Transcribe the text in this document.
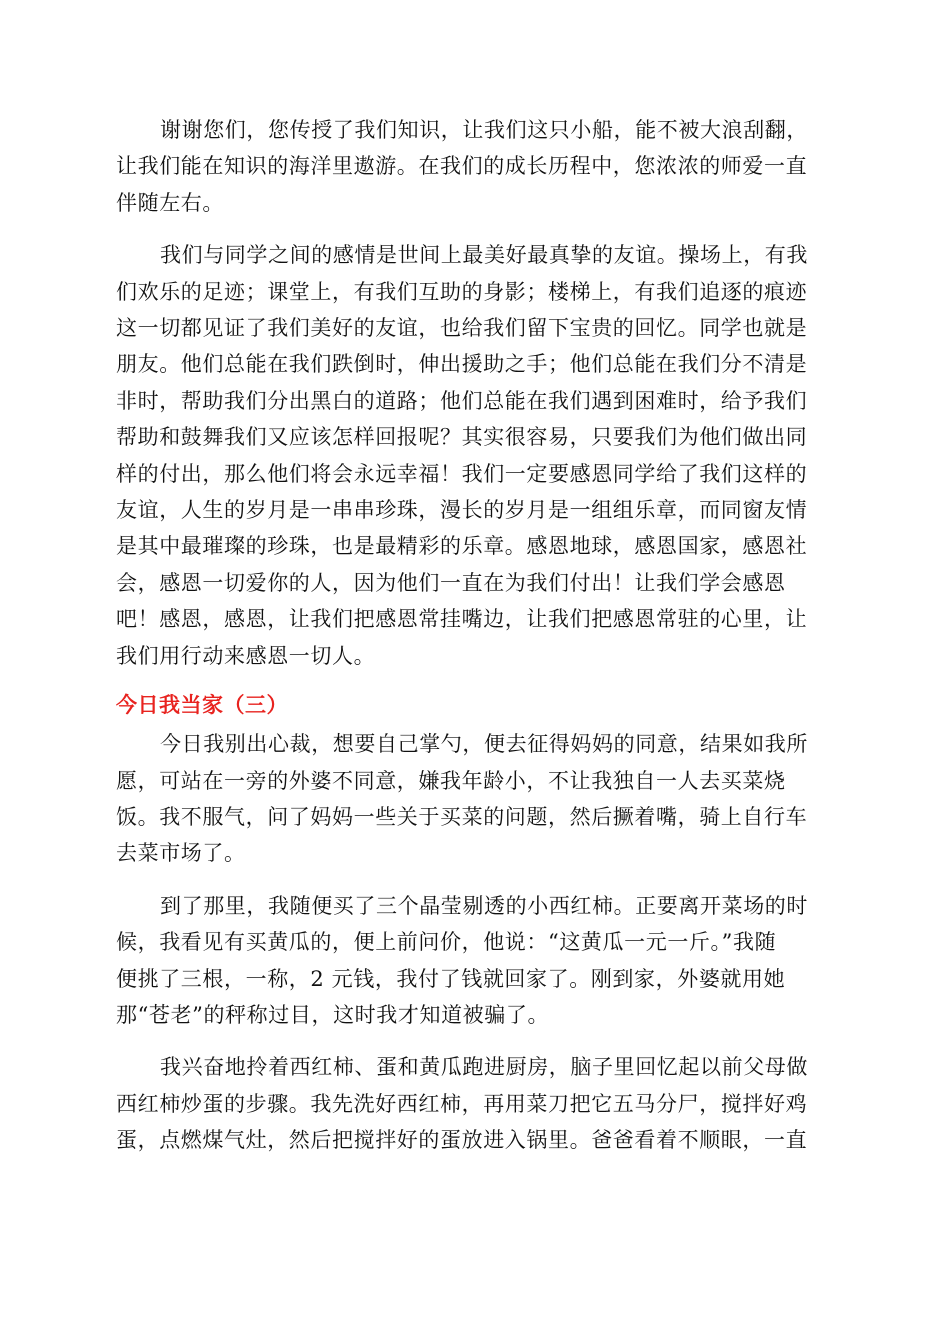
谢谢您们，您传授了我们知识，让我们这只小船，能不被大浪刮翻，
让我们能在知识的海洋里遨游。在我们的成长历程中，您浓浓的师爱一直
伴随左右。
我们与同学之间的感情是世间上最美好最真挚的友谊。操场上，有我
们欢乐的足迹；课堂上，有我们互助的身影；楼梯上，有我们追逐的痕迹
这一切都见证了我们美好的友谊，也给我们留下宝贵的回忆。同学也就是
朋友。他们总能在我们跌倒时，伸出援助之手；他们总能在我们分不清是
非时，帮助我们分出黑白的道路；他们总能在我们遇到困难时，给予我们
帮助和鼓舞我们又应该怎样回报呢？其实很容易，只要我们为他们做出同
样的付出，那么他们将会永远幸福！我们一定要感恩同学给了我们这样的
友谊，人生的岁月是一串串珍珠，漫长的岁月是一组组乐章，而同窗友情
是其中最璀璨的珍珠，也是最精彩的乐章。感恩地球，感恩国家，感恩社
会，感恩一切爱你的人，因为他们一直在为我们付出！让我们学会感恩
吧！感恩，感恩，让我们把感恩常挂嘴边，让我们把感恩常驻的心里，让
我们用行动来感恩一切人。
今日我当家（三）
今日我别出心裁，想要自己掌勺，便去征得妈妈的同意，结果如我所
愿，可站在一旁的外婆不同意，嫌我年龄小，不让我独自一人去买菜烧
饭。我不服气，问了妈妈一些关于买菜的问题，然后撅着嘴，骑上自行车
去菜市场了。
到了那里，我随便买了三个晶莹剔透的小西红柿。正要离开菜场的时
候，我看见有买黄瓜的，便上前问价，他说：“这黄瓜一元一斤。”我随
便挑了三根，一称，2 元钱，我付了钱就回家了。刚到家，外婆就用她
那“苍老”的秤称过目，这时我才知道被骗了。
我兴奋地拎着西红柿、蛋和黄瓜跑进厨房，脑子里回忆起以前父母做
西红柿炒蛋的步骤。我先洗好西红柿，再用菜刀把它五马分尸，搅拌好鸡
蛋，点燃煤气灶，然后把搅拌好的蛋放进入锅里。爸爸看着不顺眼，一直
